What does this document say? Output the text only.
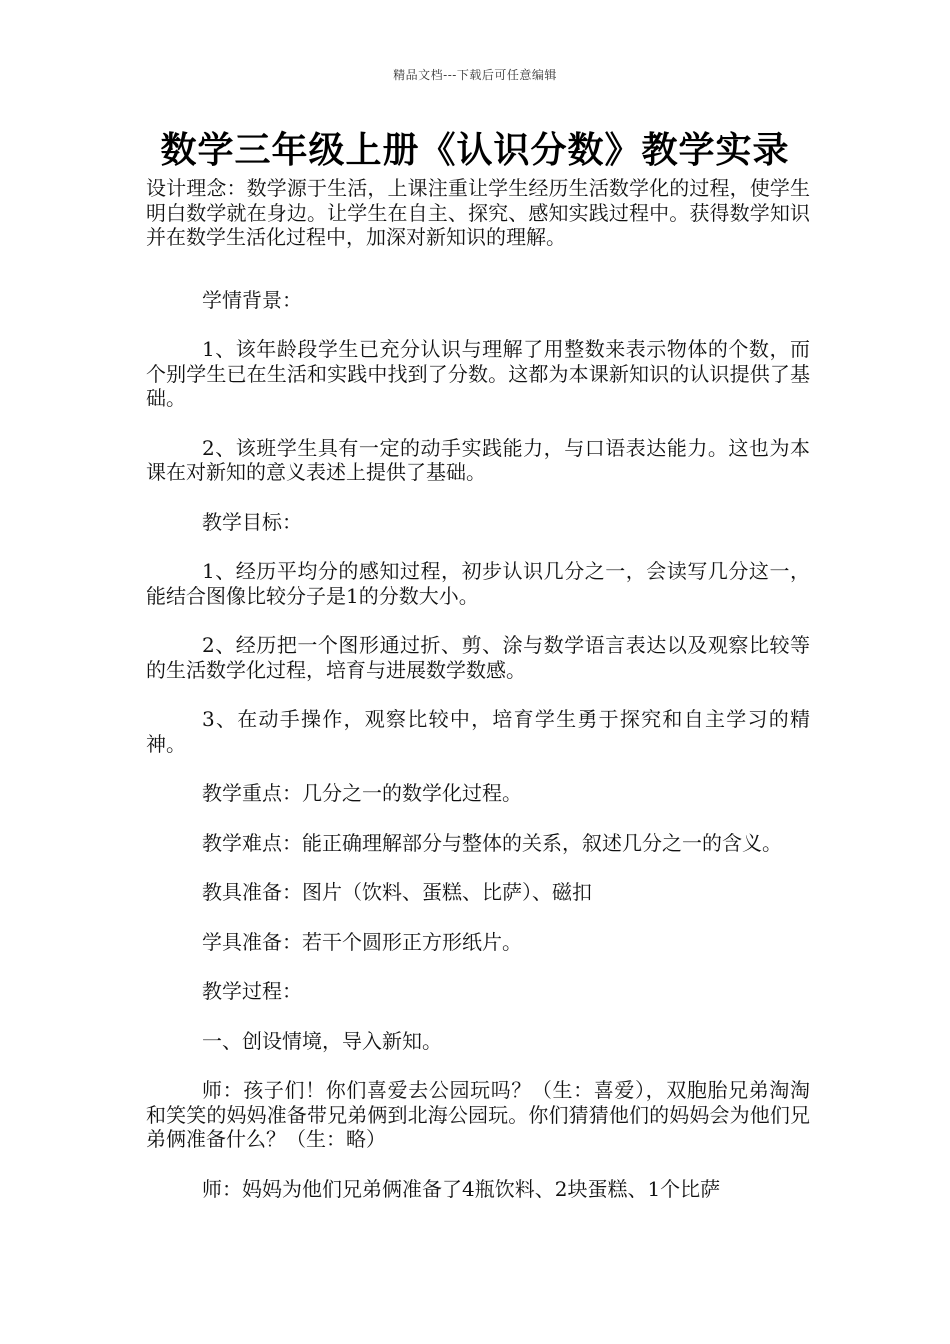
精品文档---下载后可任意编辑
数学三年级上册《认识分数》教学实录

设计理念：数学源于生活，上课注重让学生经历生活数学化的过程，使学生明白数学就在身边。让学生在自主、探究、感知实践过程中。获得数学知识并在数学生活化过程中，加深对新知识的理解。

学情背景：

1、该年龄段学生已充分认识与理解了用整数来表示物体的个数，而个别学生已在生活和实践中找到了分数。这都为本课新知识的认识提供了基础。

2、该班学生具有一定的动手实践能力，与口语表达能力。这也为本课在对新知的意义表述上提供了基础。

教学目标：

1、经历平均分的感知过程，初步认识几分之一，会读写几分这一，能结合图像比较分子是1的分数大小。

2、经历把一个图形通过折、剪、涂与数学语言表达以及观察比较等的生活数学化过程，培育与进展数学数感。

3、在动手操作，观察比较中，培育学生勇于探究和自主学习的精神。

教学重点：几分之一的数学化过程。

教学难点：能正确理解部分与整体的关系，叙述几分之一的含义。

教具准备：图片（饮料、蛋糕、比萨）、磁扣

学具准备：若干个圆形正方形纸片。

教学过程：

一、创设情境，导入新知。

师：孩子们！你们喜爱去公园玩吗？（生：喜爱），双胞胎兄弟淘淘和笑笑的妈妈准备带兄弟俩到北海公园玩。你们猜猜他们的妈妈会为他们兄弟俩准备什么？（生：略）

师：妈妈为他们兄弟俩准备了4瓶饮料、2块蛋糕、1个比萨
